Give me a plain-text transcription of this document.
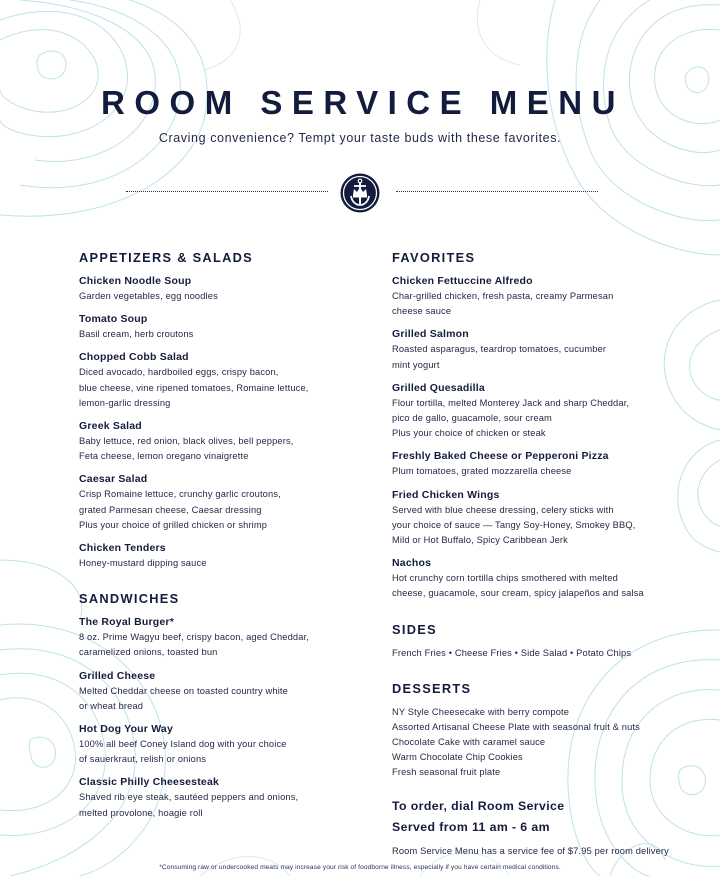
ROOM SERVICE MENU
Craving convenience? Tempt your taste buds with these favorites.
APPETIZERS & SALADS
Chicken Noodle Soup
Garden vegetables, egg noodles
Tomato Soup
Basil cream, herb croutons
Chopped Cobb Salad
Diced avocado, hardboiled eggs, crispy bacon,
blue cheese, vine ripened tomatoes, Romaine lettuce,
lemon-garlic dressing
Greek Salad
Baby lettuce, red onion, black olives, bell peppers,
Feta cheese, lemon oregano vinaigrette
Caesar Salad
Crisp Romaine lettuce, crunchy garlic croutons,
grated Parmesan cheese, Caesar dressing
Plus your choice of grilled chicken or shrimp
Chicken Tenders
Honey-mustard dipping sauce
SANDWICHES
The Royal Burger*
8 oz. Prime Wagyu beef, crispy bacon, aged Cheddar,
caramelized onions, toasted bun
Grilled Cheese
Melted Cheddar cheese on toasted country white
or wheat bread
Hot Dog Your Way
100% all beef Coney Island dog with your choice
of sauerkraut, relish or onions
Classic Philly Cheesesteak
Shaved rib eye steak, sautéed peppers and onions,
melted provolone, hoagie roll
FAVORITES
Chicken Fettuccine Alfredo
Char-grilled chicken, fresh pasta, creamy Parmesan
cheese sauce
Grilled Salmon
Roasted asparagus, teardrop tomatoes, cucumber
mint yogurt
Grilled Quesadilla
Flour tortilla, melted Monterey Jack and sharp Cheddar,
pico de gallo, guacamole, sour cream
Plus your choice of chicken or steak
Freshly Baked Cheese or Pepperoni Pizza
Plum tomatoes, grated mozzarella cheese
Fried Chicken Wings
Served with blue cheese dressing, celery sticks with
your choice of sauce — Tangy Soy-Honey, Smokey BBQ,
Mild or Hot Buffalo, Spicy Caribbean Jerk
Nachos
Hot crunchy corn tortilla chips smothered with melted
cheese, guacamole, sour cream, spicy jalapeños and salsa
SIDES
French Fries • Cheese Fries • Side Salad • Potato Chips
DESSERTS
NY Style Cheesecake with berry compote
Assorted Artisanal Cheese Plate with seasonal fruit & nuts
Chocolate Cake with caramel sauce
Warm Chocolate Chip Cookies
Fresh seasonal fruit plate
To order, dial Room Service
Served from 11 am - 6 am
Room Service Menu has a service fee of $7.95 per room delivery
*Consuming raw or undercooked meats may increase your risk of foodborne illness, especially if you have certain medical conditions.
